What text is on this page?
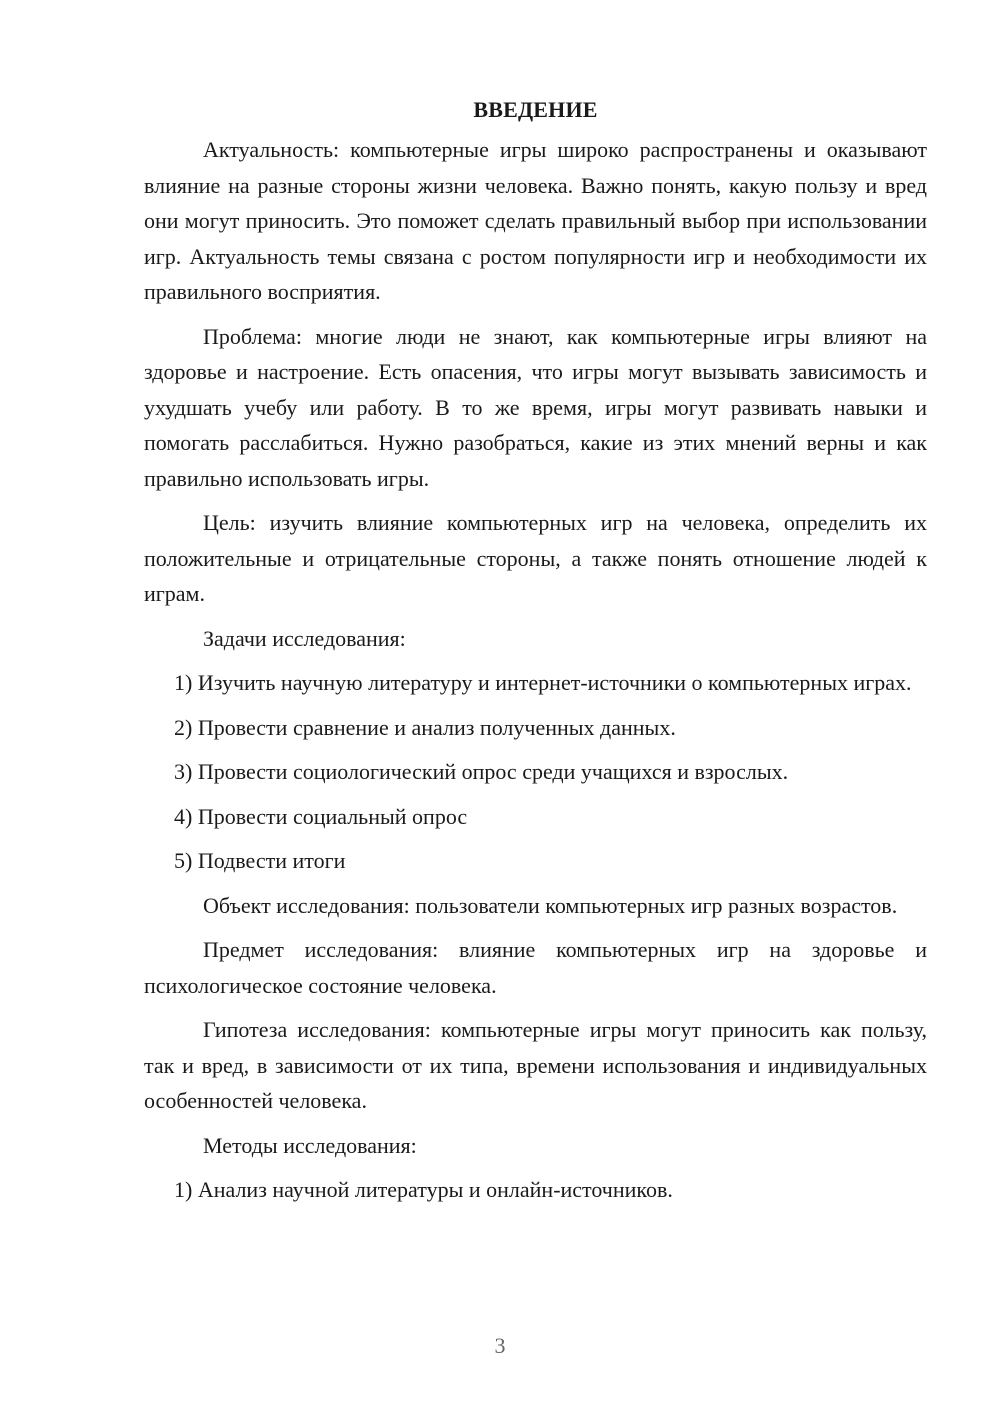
ВВЕДЕНИЕ

Актуальность: компьютерные игры широко распространены и оказывают влияние на разные стороны жизни человека. Важно понять, какую пользу и вред они могут приносить. Это поможет сделать правильный выбор при использовании игр. Актуальность темы связана с ростом популярности игр и необходимости их правильного восприятия.

Проблема: многие люди не знают, как компьютерные игры влияют на здоровье и настроение. Есть опасения, что игры могут вызывать зависимость и ухудшать учебу или работу. В то же время, игры могут развивать навыки и помогать расслабиться. Нужно разобраться, какие из этих мнений верны и как правильно использовать игры.

Цель: изучить влияние компьютерных игр на человека, определить их положительные и отрицательные стороны, а также понять отношение людей к играм.

Задачи исследования:

1) Изучить научную литературу и интернет-источники о компьютерных играх.

2) Провести сравнение и анализ полученных данных.

3) Провести социологический опрос среди учащихся и взрослых.

4) Провести социальный опрос

5) Подвести итоги

Объект исследования: пользователи компьютерных игр разных возрастов.

Предмет исследования: влияние компьютерных игр на здоровье и психологическое состояние человека.

Гипотеза исследования: компьютерные игры могут приносить как пользу, так и вред, в зависимости от их типа, времени использования и индивидуальных особенностей человека.

Методы исследования:

1) Анализ научной литературы и онлайн-источников.

3
